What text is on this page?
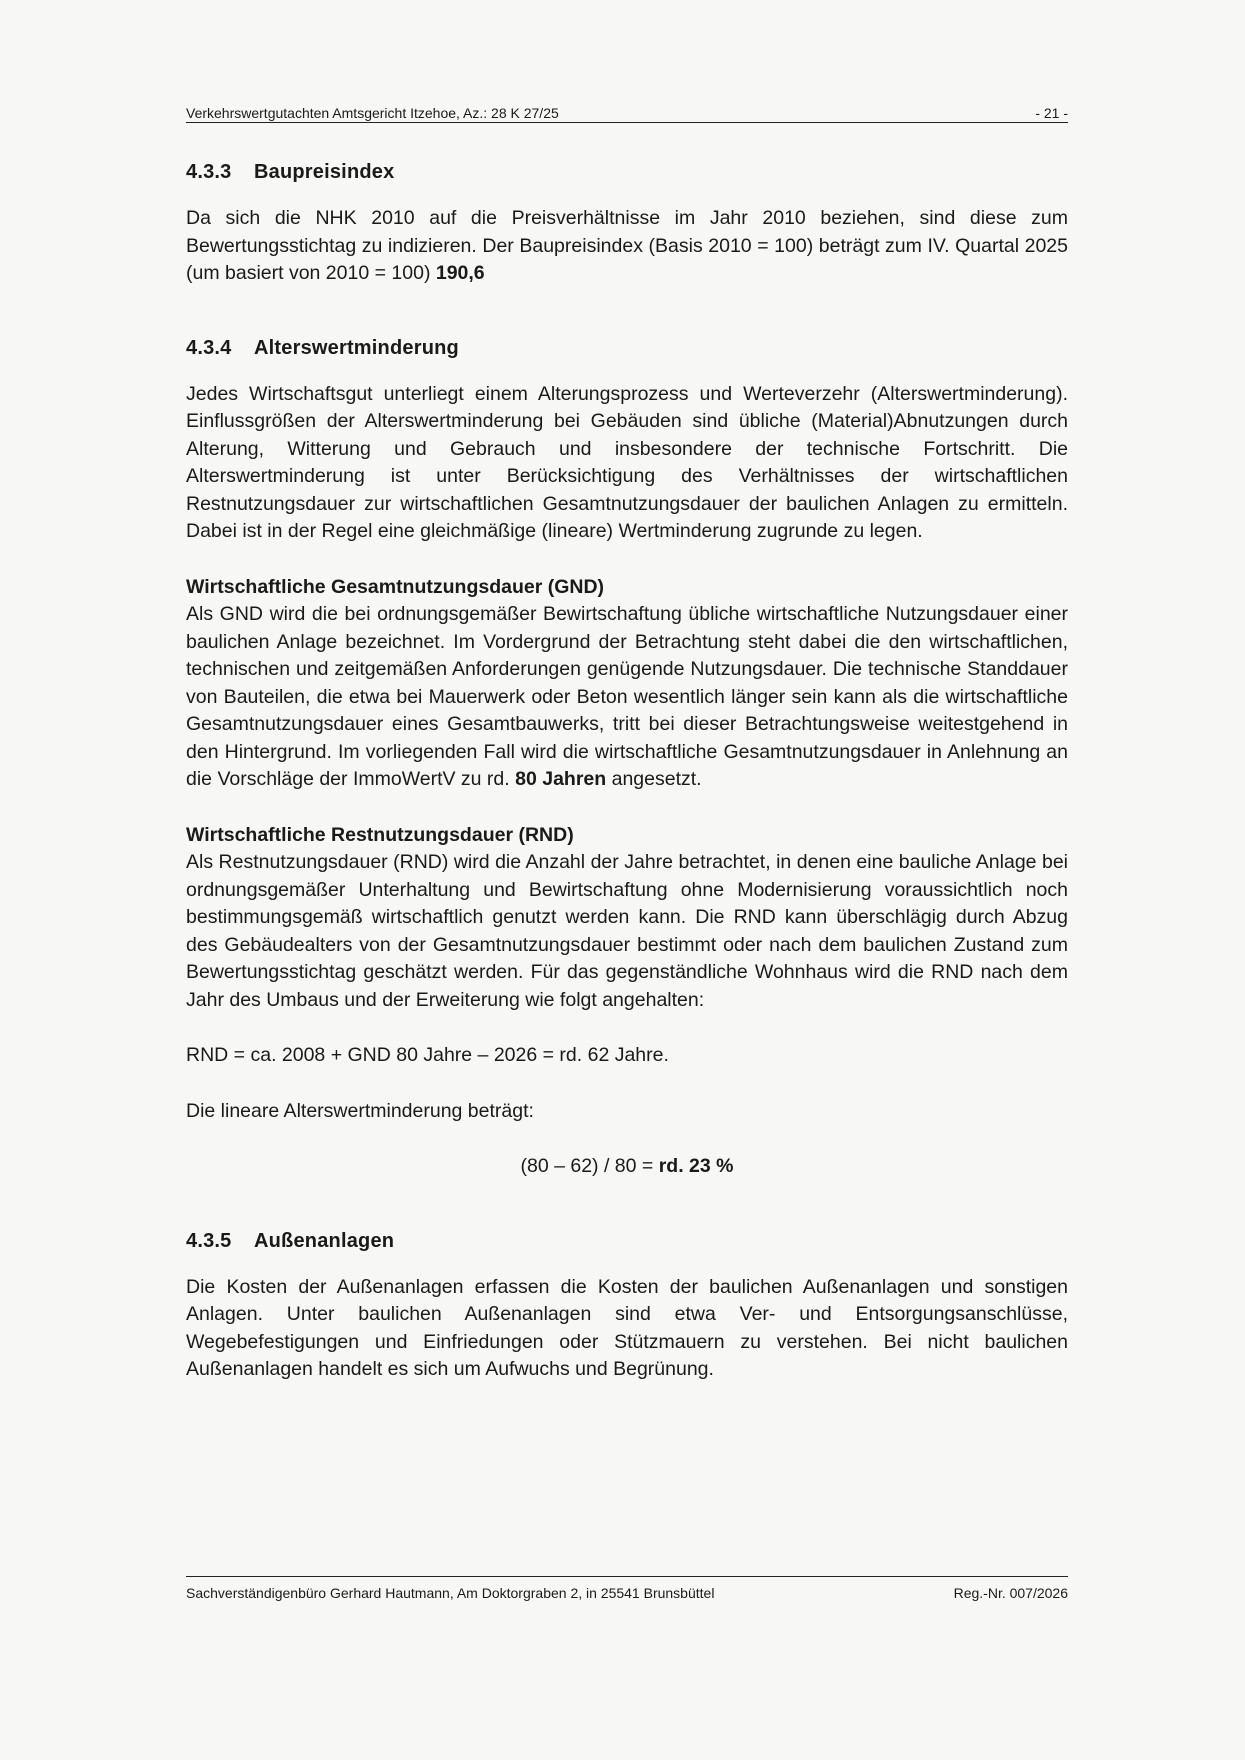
Verkehrswertgutachten Amtsgericht Itzehoe, Az.: 28 K 27/25	- 21 -
4.3.3 Baupreisindex

Da sich die NHK 2010 auf die Preisverhältnisse im Jahr 2010 beziehen, sind diese zum Bewertungsstichtag zu indizieren. Der Baupreisindex (Basis 2010 = 100) beträgt zum IV. Quartal 2025 (um basiert von 2010 = 100) 190,6

4.3.4 Alterswertminderung

Jedes Wirtschaftsgut unterliegt einem Alterungsprozess und Werteverzehr (Alterswertminderung). Einflussgrößen der Alterswertminderung bei Gebäuden sind übliche (Material)Abnutzungen durch Alterung, Witterung und Gebrauch und insbesondere der technische Fortschritt. Die Alterswertminderung ist unter Berücksichtigung des Verhältnisses der wirtschaftlichen Restnutzungsdauer zur wirtschaftlichen Gesamtnutzungsdauer der baulichen Anlagen zu ermitteln. Dabei ist in der Regel eine gleichmäßige (lineare) Wertminderung zugrunde zu legen.

Wirtschaftliche Gesamtnutzungsdauer (GND)

Als GND wird die bei ordnungsgemäßer Bewirtschaftung übliche wirtschaftliche Nutzungsdauer einer baulichen Anlage bezeichnet. Im Vordergrund der Betrachtung steht dabei die den wirtschaftlichen, technischen und zeitgemäßen Anforderungen genügende Nutzungsdauer. Die technische Standdauer von Bauteilen, die etwa bei Mauerwerk oder Beton wesentlich länger sein kann als die wirtschaftliche Gesamtnutzungsdauer eines Gesamtbauwerks, tritt bei dieser Betrachtungsweise weitestgehend in den Hintergrund. Im vorliegenden Fall wird die wirtschaftliche Gesamtnutzungsdauer in Anlehnung an die Vorschläge der ImmoWertV zu rd. 80 Jahren angesetzt.

Wirtschaftliche Restnutzungsdauer (RND)

Als Restnutzungsdauer (RND) wird die Anzahl der Jahre betrachtet, in denen eine bauliche Anlage bei ordnungsgemäßer Unterhaltung und Bewirtschaftung ohne Modernisierung voraussichtlich noch bestimmungsgemäß wirtschaftlich genutzt werden kann. Die RND kann überschlägig durch Abzug des Gebäudealters von der Gesamtnutzungsdauer bestimmt oder nach dem baulichen Zustand zum Bewertungsstichtag geschätzt werden. Für das gegenständliche Wohnhaus wird die RND nach dem Jahr des Umbaus und der Erweiterung wie folgt angehalten:

RND = ca. 2008 + GND 80 Jahre – 2026 = rd. 62 Jahre.

Die lineare Alterswertminderung beträgt:

(80 – 62) / 80 = rd. 23 %

4.3.5 Außenanlagen

Die Kosten der Außenanlagen erfassen die Kosten der baulichen Außenanlagen und sonstigen Anlagen. Unter baulichen Außenanlagen sind etwa Ver- und Entsorgungsanschlüsse, Wegebefestigungen und Einfriedungen oder Stützmauern zu verstehen. Bei nicht baulichen Außenanlagen handelt es sich um Aufwuchs und Begrünung.

Sachverständigenbüro Gerhard Hautmann, Am Doktorgraben 2, in 25541 Brunsbüttel	Reg.-Nr. 007/2026
